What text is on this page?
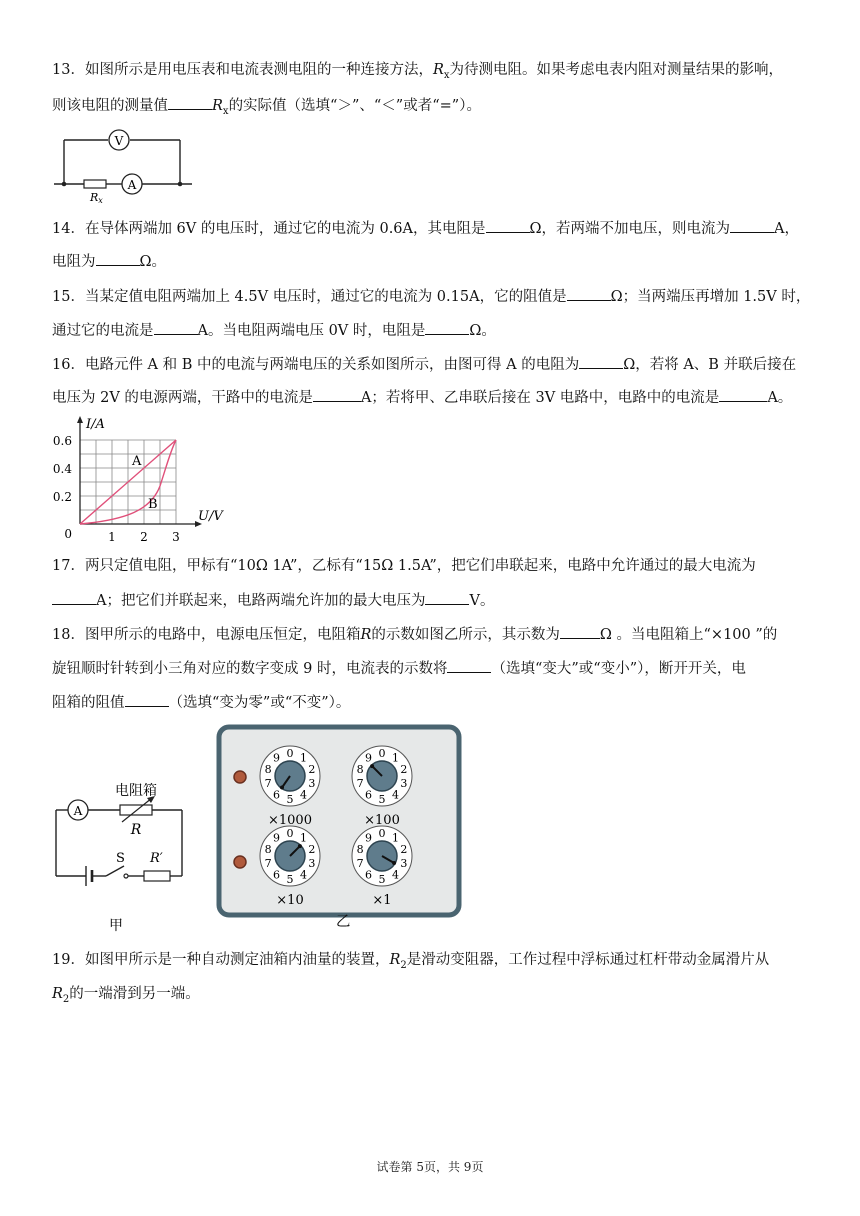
13．如图所示是用电压表和电流表测电阻的一种连接方法，$R_x$为待测电阻。如果考虑电表内阻对测量结果的影响，
则该电阻的测量值	$R_x$的实际值（选填“＞”、“＜”或者“=”）。
V
A
Rx
14．在导体两端加 6V 的电压时，通过它的电流为 0.6A，其电阻是	Ω，若两端不加电压，则电流为	A，
电阻为	Ω。
15．当某定值电阻两端加上 4.5V 电压时，通过它的电流为 0.15A，它的阻值是	Ω；当两端压再增加 1.5V 时，
通过它的电流是	A。当电阻两端电压 0V 时，电阻是	Ω。
16．电路元件 A 和 B 中的电流与两端电压的关系如图所示，由图可得 A 的电阻为	Ω，若将 A、B 并联后接在
电压为 2V 的电源两端，干路中的电流是	A；若将甲、乙串联后接在 3V 电路中，电路中的电流是	A。
I/A
U/V
0.6
0.4
0.2
0	1 2 3
A
B
17．两只定值电阻，甲标有“10Ω 1A”，乙标有“15Ω 1.5A”，把它们串联起来，电路中允许通过的最大电流为
A；把它们并联起来，电路两端允许加的最大电压为	V。
18．图甲所示的电路中，电源电压恒定，电阻箱R的示数如图乙所示，其示数为	Ω 。当电阻箱上“×100 ”的
旋钮顺时针转到小三角对应的数字变成 9 时，电流表的示数将	（选填“变大”或“变小”），断开开关，电
阻箱的阻值	（选填“变为零”或“不变”）。
A
电阻箱
R
S R′
甲
0 1
2
3
4
5
6
7
8
9	0 1
2
3
4
5
6
7
8
9
0 1
2
3
4
5
6
7
8
9	0 1
2
3
4
5
6
7
8
9
×1000	×100
×10	×1
乙
19．如图甲所示是一种自动测定油箱内油量的装置，$R_2$是滑动变阻器，工作过程中浮标通过杠杆带动金属滑片从
$R_2$的一端滑到另一端。
试卷第 5页，共 9页
